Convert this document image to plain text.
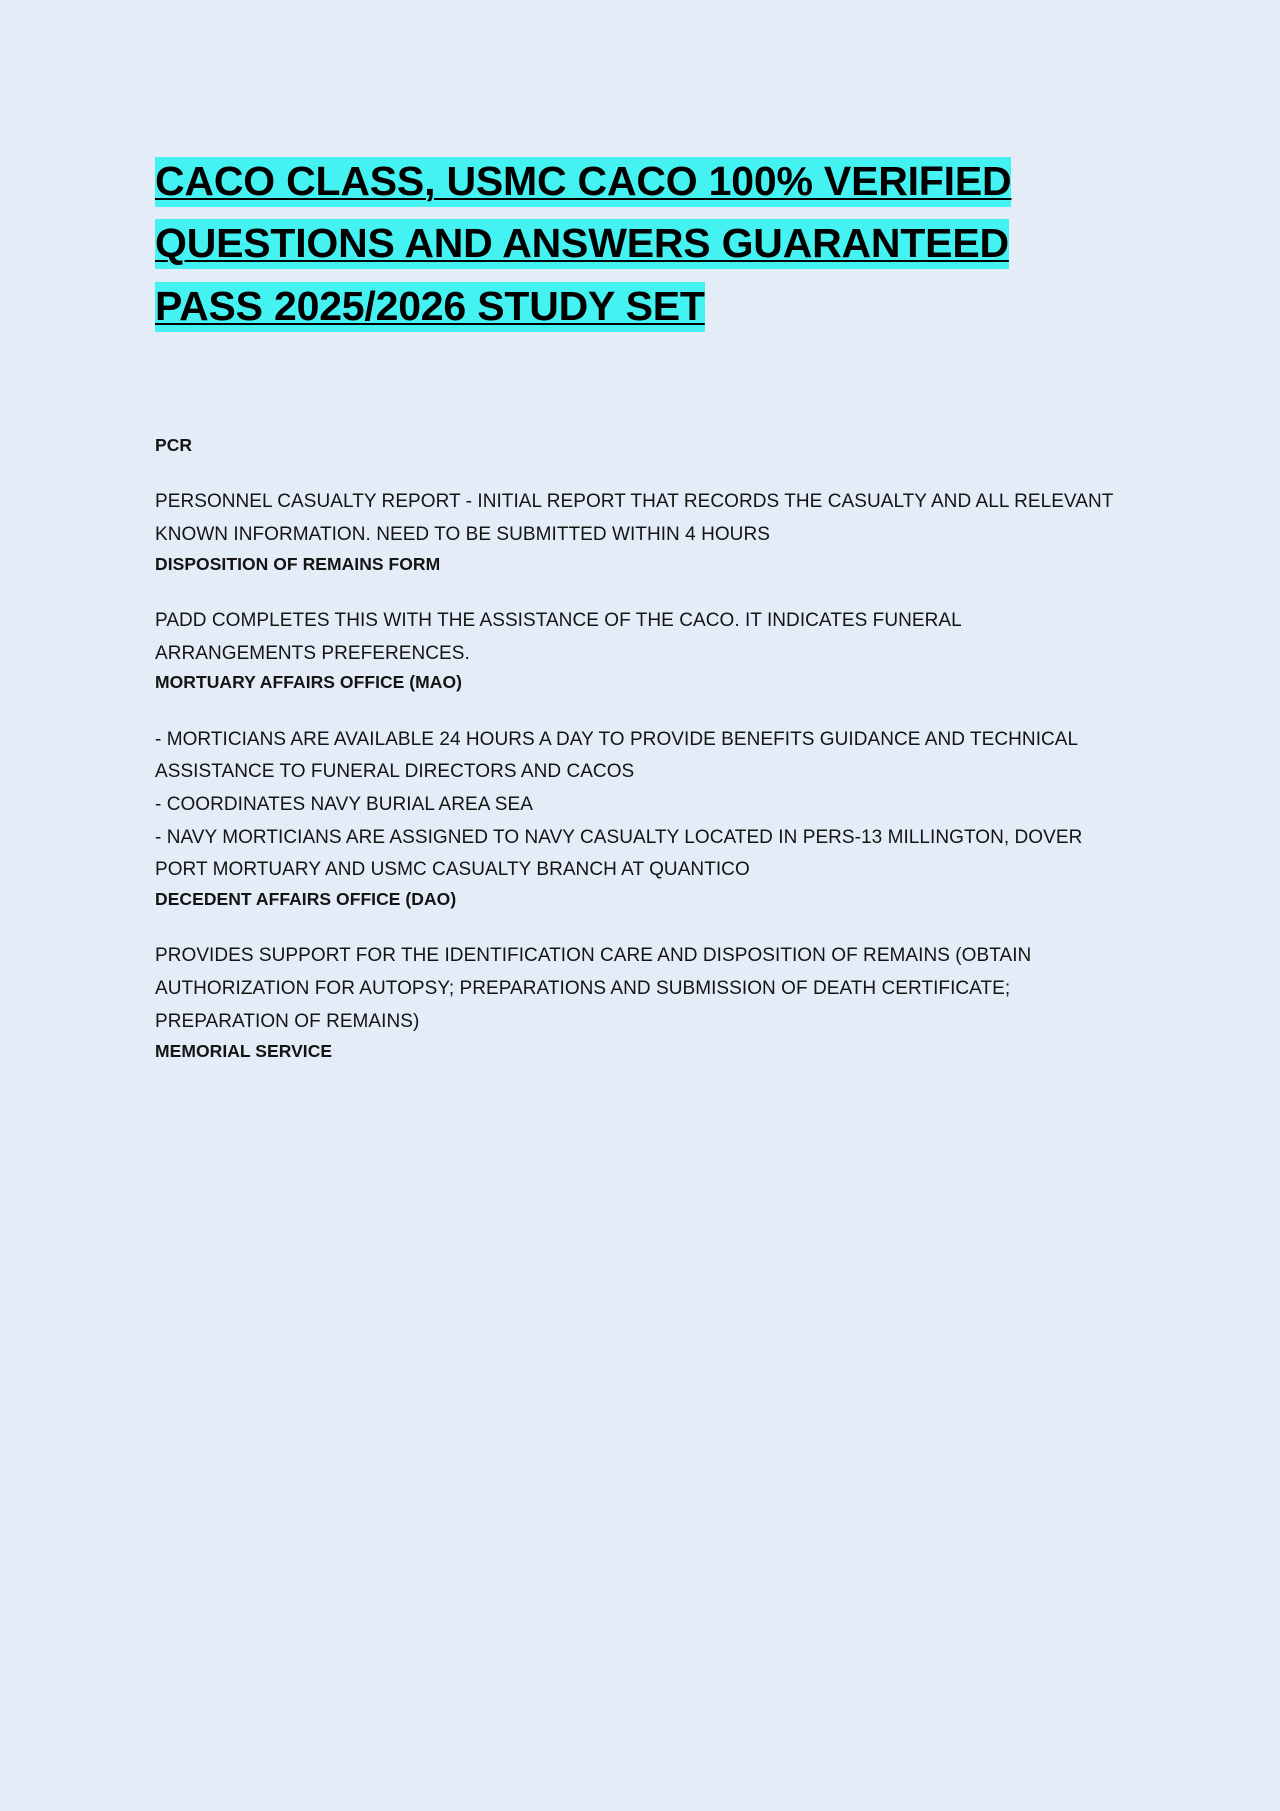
CACO CLASS, USMC CACO 100% VERIFIED QUESTIONS AND ANSWERS GUARANTEED PASS 2025/2026 STUDY SET

PCR

PERSONNEL CASUALTY REPORT - INITIAL REPORT THAT RECORDS THE CASUALTY AND ALL RELEVANT KNOWN INFORMATION. NEED TO BE SUBMITTED WITHIN 4 HOURS

DISPOSITION OF REMAINS FORM

PADD COMPLETES THIS WITH THE ASSISTANCE OF THE CACO. IT INDICATES FUNERAL ARRANGEMENTS PREFERENCES.

MORTUARY AFFAIRS OFFICE (MAO)

- MORTICIANS ARE AVAILABLE 24 HOURS A DAY TO PROVIDE BENEFITS GUIDANCE AND TECHNICAL ASSISTANCE TO FUNERAL DIRECTORS AND CACOS
- COORDINATES NAVY BURIAL AREA SEA
- NAVY MORTICIANS ARE ASSIGNED TO NAVY CASUALTY LOCATED IN PERS-13 MILLINGTON, DOVER PORT MORTUARY AND USMC CASUALTY BRANCH AT QUANTICO

DECEDENT AFFAIRS OFFICE (DAO)

PROVIDES SUPPORT FOR THE IDENTIFICATION CARE AND DISPOSITION OF REMAINS (OBTAIN AUTHORIZATION FOR AUTOPSY; PREPARATIONS AND SUBMISSION OF DEATH CERTIFICATE; PREPARATION OF REMAINS)

MEMORIAL SERVICE
